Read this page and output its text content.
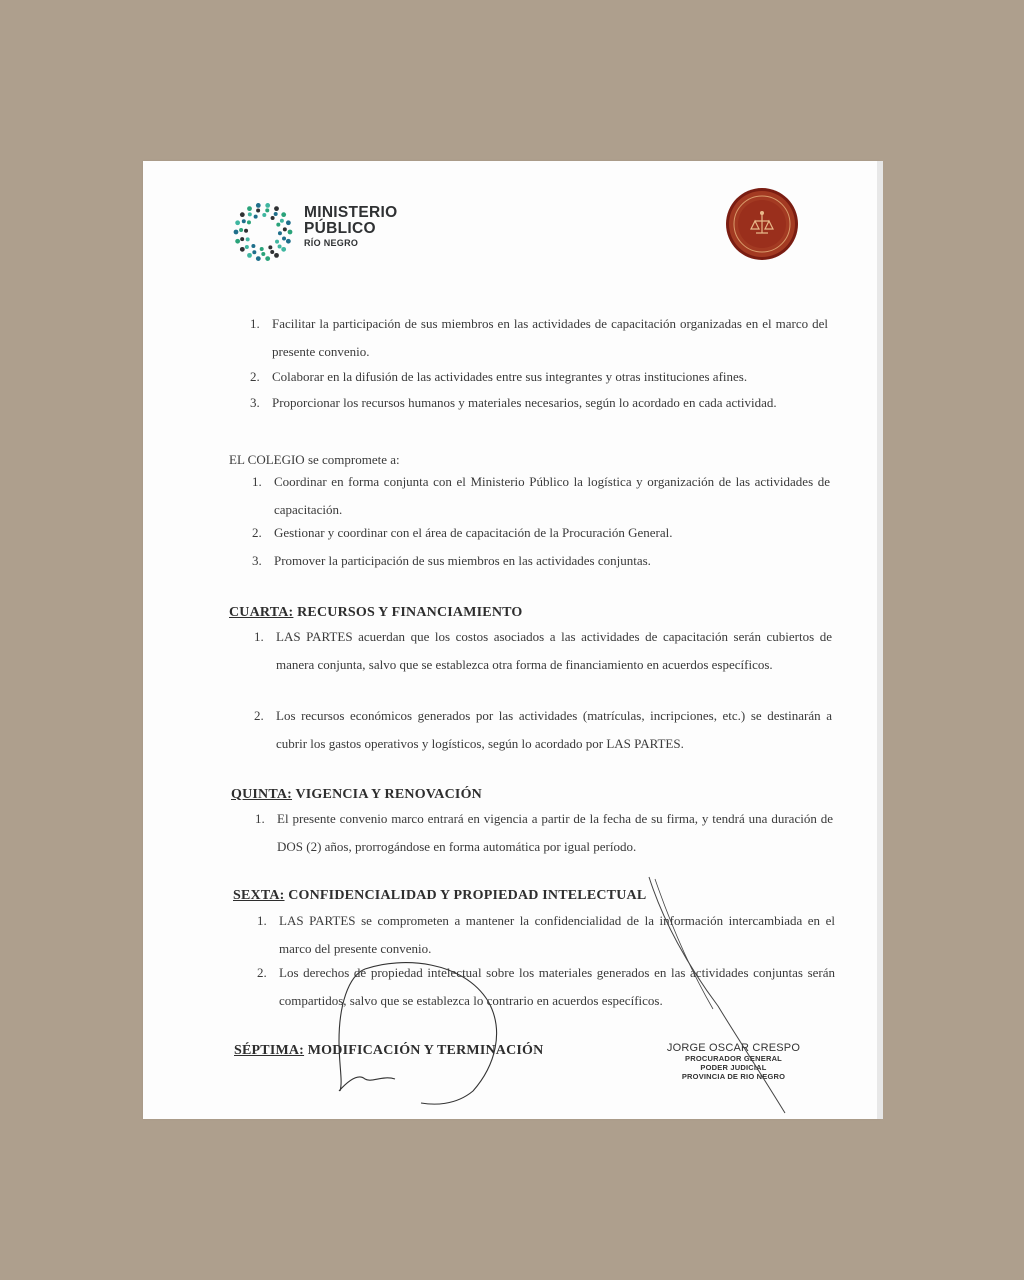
MINISTERIO
PÚBLICO
RÍO NEGRO
1. Facilitar la participación de sus miembros en las actividades de capacitación organizadas en el marco del presente convenio.
2. Colaborar en la difusión de las actividades entre sus integrantes y otras instituciones afines.
3. Proporcionar los recursos humanos y materiales necesarios, según lo acordado en cada actividad.
EL COLEGIO se compromete a:
1. Coordinar en forma conjunta con el Ministerio Público la logística y organización de las actividades de capacitación.
2. Gestionar y coordinar con el área de capacitación de la Procuración General.
3. Promover la participación de sus miembros en las actividades conjuntas.
CUARTA: RECURSOS Y FINANCIAMIENTO
1. LAS PARTES acuerdan que los costos asociados a las actividades de capacitación serán cubiertos de manera conjunta, salvo que se establezca otra forma de financiamiento en acuerdos específicos.
2. Los recursos económicos generados por las actividades (matrículas, incripciones, etc.) se destinarán a cubrir los gastos operativos y logísticos, según lo acordado por LAS PARTES.
QUINTA: VIGENCIA Y RENOVACIÓN
1. El presente convenio marco entrará en vigencia a partir de la fecha de su firma, y tendrá una duración de DOS (2) años, prorrogándose en forma automática por igual período.
SEXTA: CONFIDENCIALIDAD Y PROPIEDAD INTELECTUAL
1. LAS PARTES se comprometen a mantener la confidencialidad de la información intercambiada en el marco del presente convenio.
2. Los derechos de propiedad intelectual sobre los materiales generados en las actividades conjuntas serán compartidos, salvo que se establezca lo contrario en acuerdos específicos.
SÉPTIMA: MODIFICACIÓN Y TERMINACIÓN	JORGE OSCAR CRESPO
PROCURADOR GENERAL
PODER JUDICIAL
PROVINCIA DE RIO NEGRO
